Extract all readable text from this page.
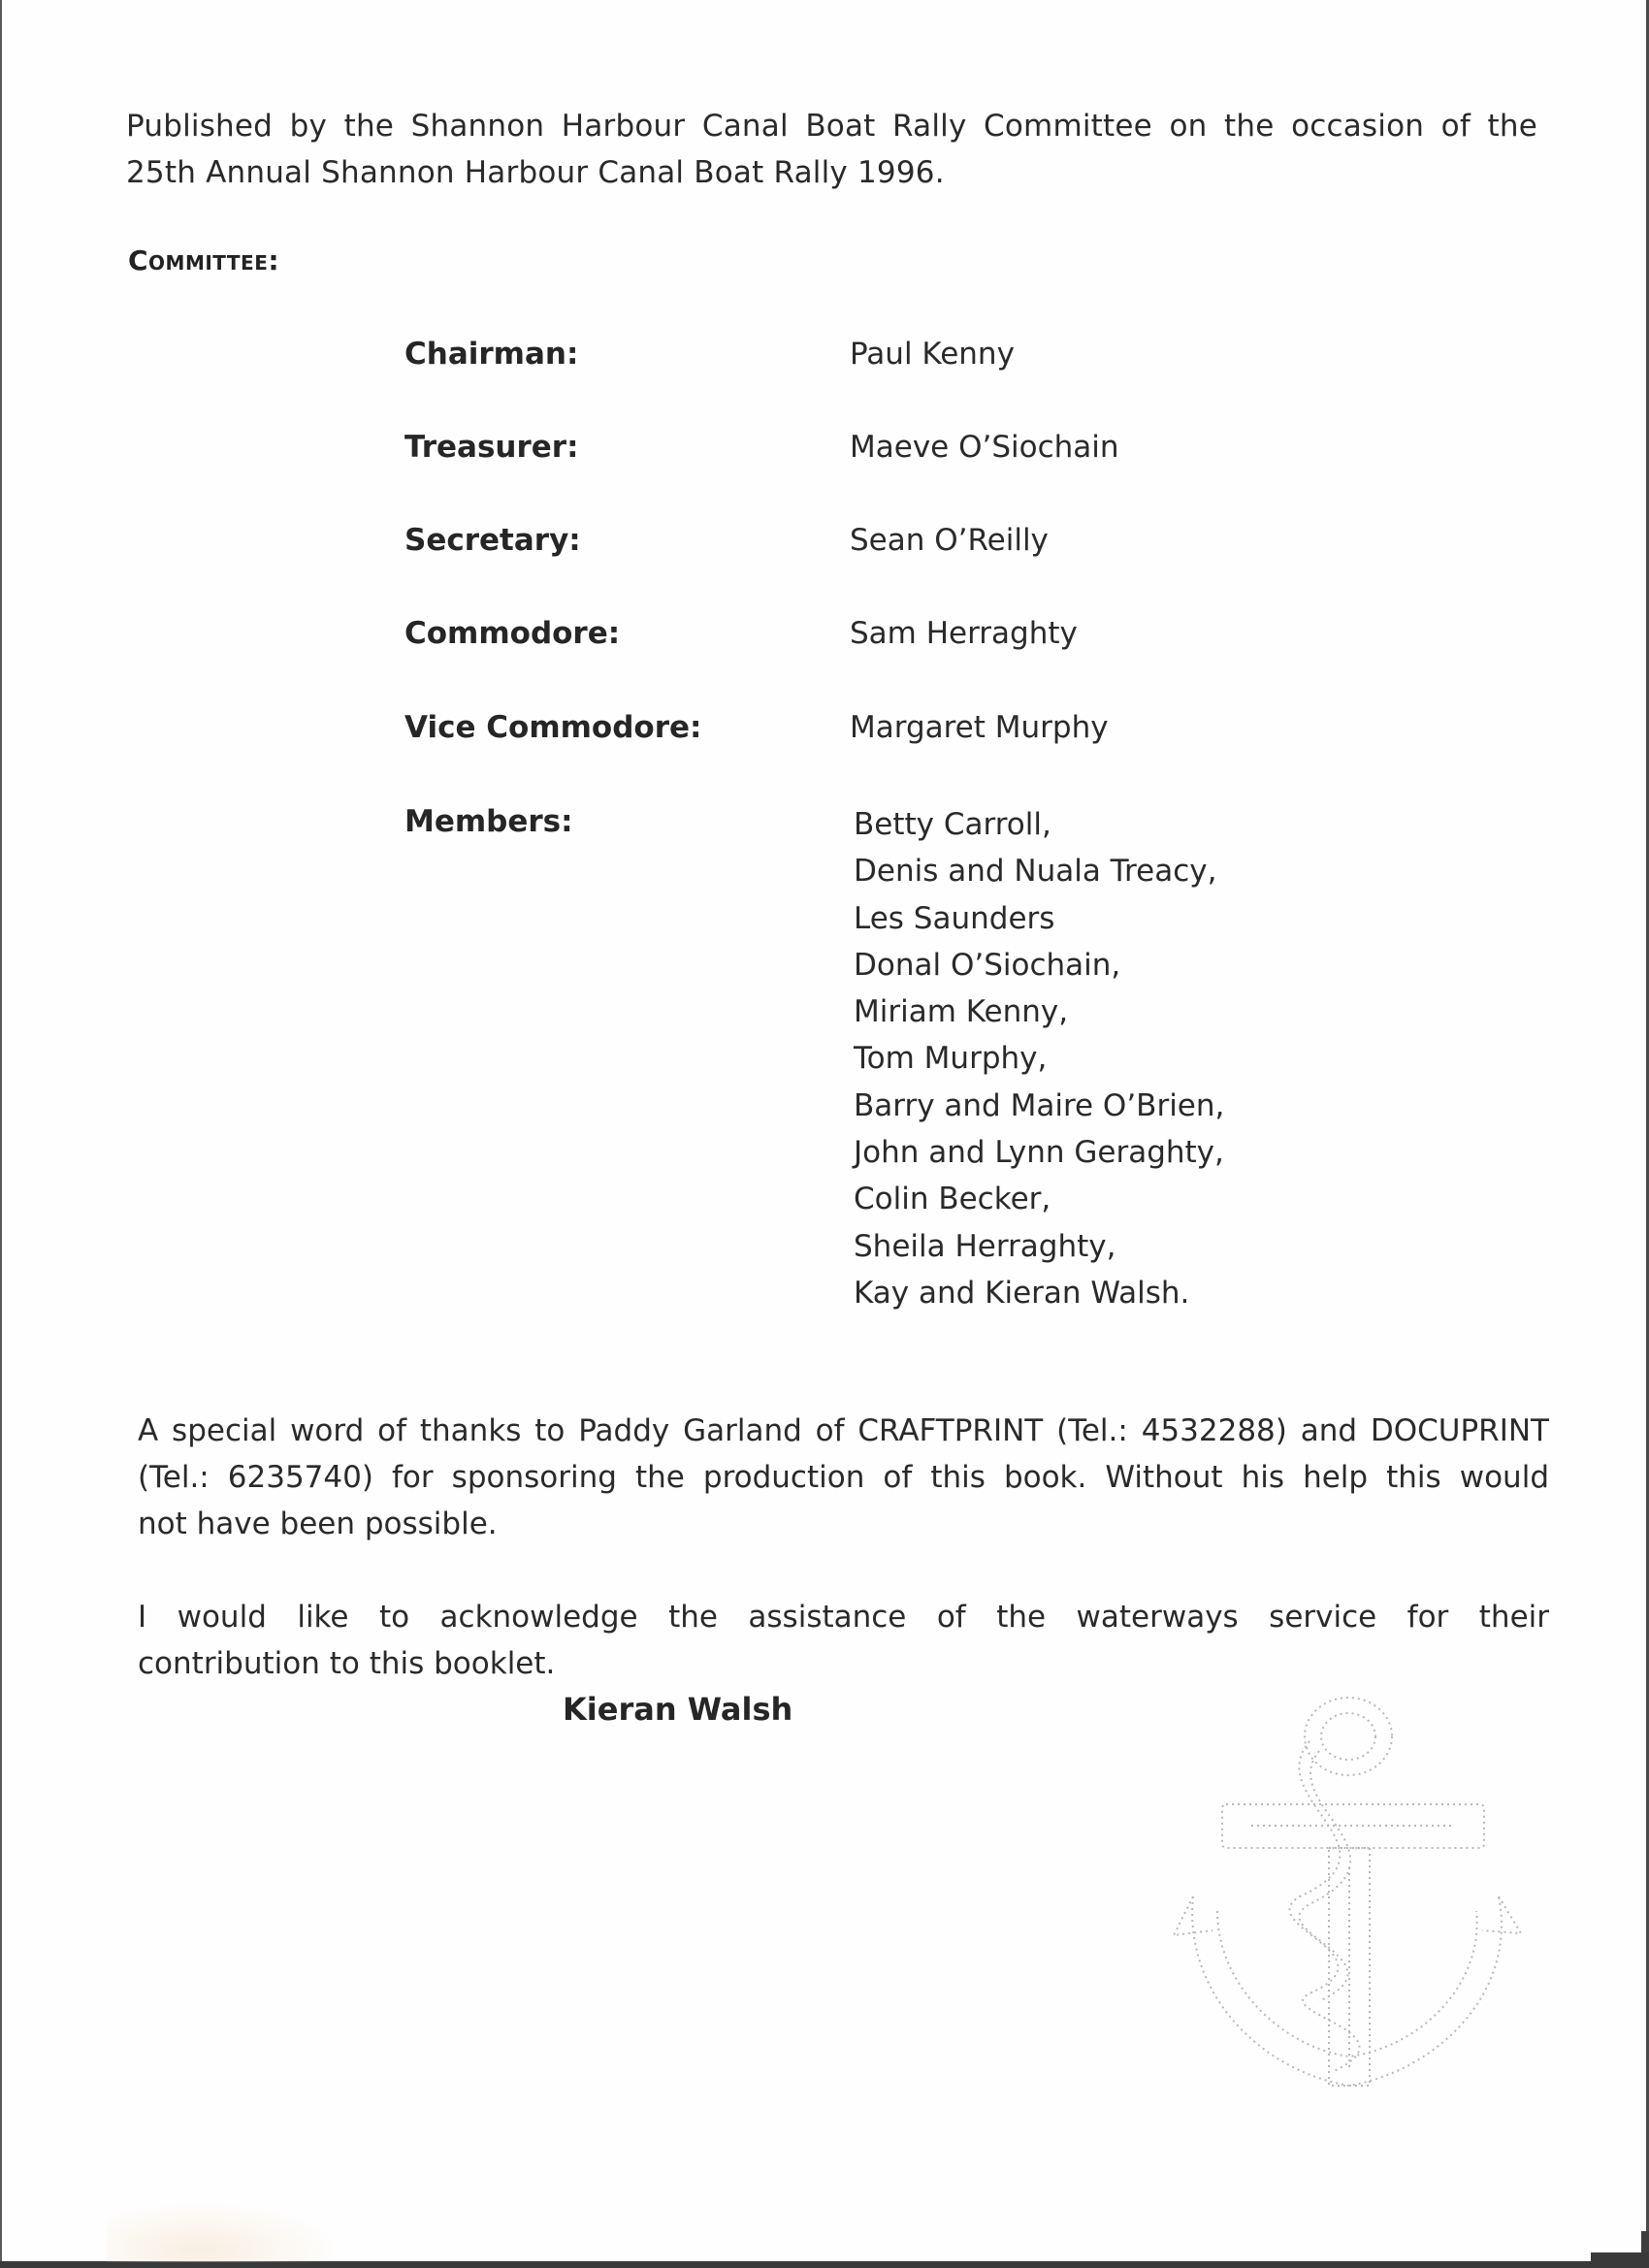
Published by the Shannon Harbour Canal Boat Rally Committee on the occasion of the
25th Annual Shannon Harbour Canal Boat Rally 1996.
Committee:
Chairman:	Paul Kenny
Treasurer:	Maeve O’Siochain
Secretary:	Sean O’Reilly
Commodore:	Sam Herraghty
Vice Commodore:	Margaret Murphy
Members:	Betty Carroll,
Denis and Nuala Treacy,
Les Saunders
Donal O’Siochain,
Miriam Kenny,
Tom Murphy,
Barry and Maire O’Brien,
John and Lynn Geraghty,
Colin Becker,
Sheila Herraghty,
Kay and Kieran Walsh.
A special word of thanks to Paddy Garland of CRAFTPRINT (Tel.: 4532288) and DOCUPRINT
(Tel.: 6235740) for sponsoring the production of this book. Without his help this would
not have been possible.
I would like to acknowledge the assistance of the waterways service for their
contribution to this booklet.
Kieran Walsh
